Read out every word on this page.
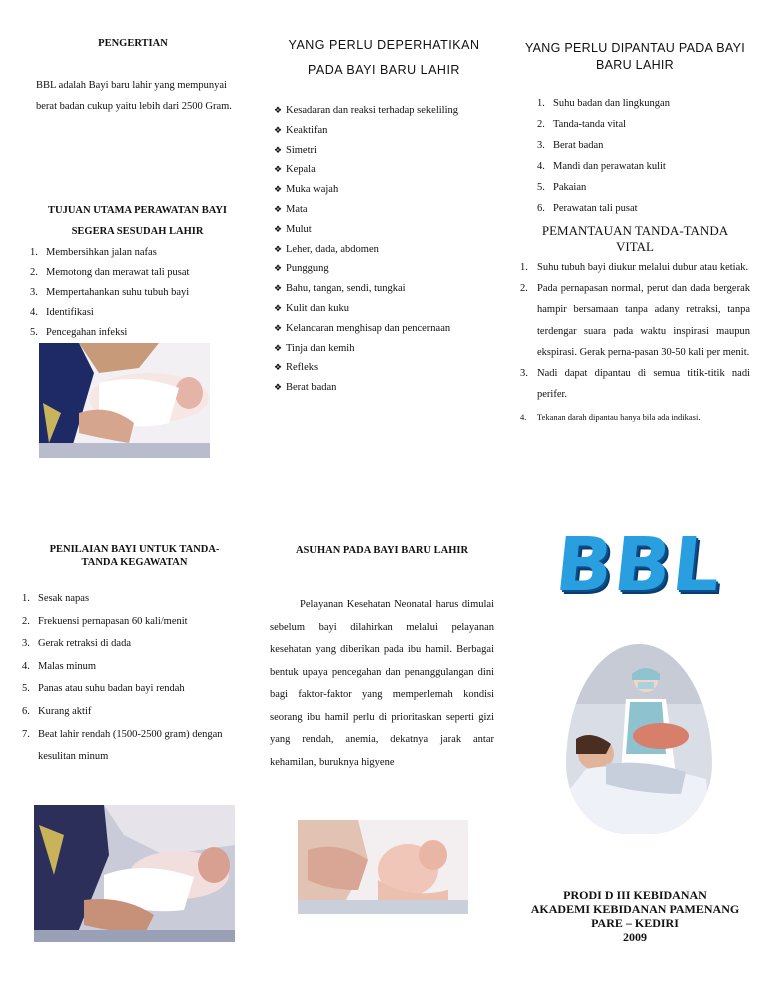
PENGERTIAN
BBL adalah Bayi baru lahir yang mempunyai berat badan cukup yaitu lebih dari 2500 Gram.
TUJUAN UTAMA PERAWATAN BAYI SEGERA SESUDAH LAHIR
1. Membersihkan jalan nafas
2. Memotong dan merawat tali pusat
3. Mempertahankan suhu tubuh bayi
4. Identifikasi
5. Pencegahan infeksi
YANG PERLU DEPERHATIKAN
PADA BAYI BARU LAHIR
❖ Kesadaran dan reaksi terhadap sekeliling
❖ Keaktifan
❖ Simetri
❖ Kepala
❖ Muka wajah
❖ Mata
❖ Mulut
❖ Leher, dada, abdomen
❖ Punggung
❖ Bahu, tangan, sendi, tungkai
❖ Kulit dan kuku
❖ Kelancaran menghisap dan pencernaan
❖ Tinja dan kemih
❖ Refleks
❖ Berat badan
YANG PERLU DIPANTAU PADA BAYI BARU LAHIR
1. Suhu badan dan lingkungan
2. Tanda-tanda vital
3. Berat badan
4. Mandi dan perawatan kulit
5. Pakaian
6. Perawatan tali pusat
PEMANTAUAN TANDA-TANDA VITAL
1. Suhu tubuh bayi diukur melalui dubur atau ketiak.
2. Pada pernapasan normal, perut dan dada bergerak hampir bersamaan tanpa adany retraksi, tanpa terdengar suara pada waktu inspirasi maupun ekspirasi. Gerak perna-pasan 30-50 kali per menit.
3. Nadi dapat dipantau di semua titik-titik nadi perifer.
4.	Tekanan darah dipantau hanya bila ada indikasi.
PENILAIAN BAYI UNTUK TANDA-TANDA KEGAWATAN
1. Sesak napas
2. Frekuensi pernapasan 60 kali/menit
3. Gerak retraksi di dada
4. Malas minum
5. Panas atau suhu badan bayi rendah
6. Kurang aktif
7. Beat lahir rendah (1500-2500 gram) dengan kesulitan minum
ASUHAN PADA BAYI BARU LAHIR
Pelayanan Kesehatan Neonatal harus dimulai sebelum bayi dilahirkan melalui pelayanan kesehatan yang diberikan pada ibu hamil. Berbagai bentuk upaya pencegahan dan penanggulangan dini bagi faktor-faktor yang memperlemah kondisi seorang ibu hamil perlu di prioritaskan seperti gizi yang rendah, anemia, dekatnya jarak antar kehamilan, buruknya higyene
BBL
PRODI D III KEBIDANAN
AKADEMI KEBIDANAN PAMENANG
PARE – KEDIRI
2009
